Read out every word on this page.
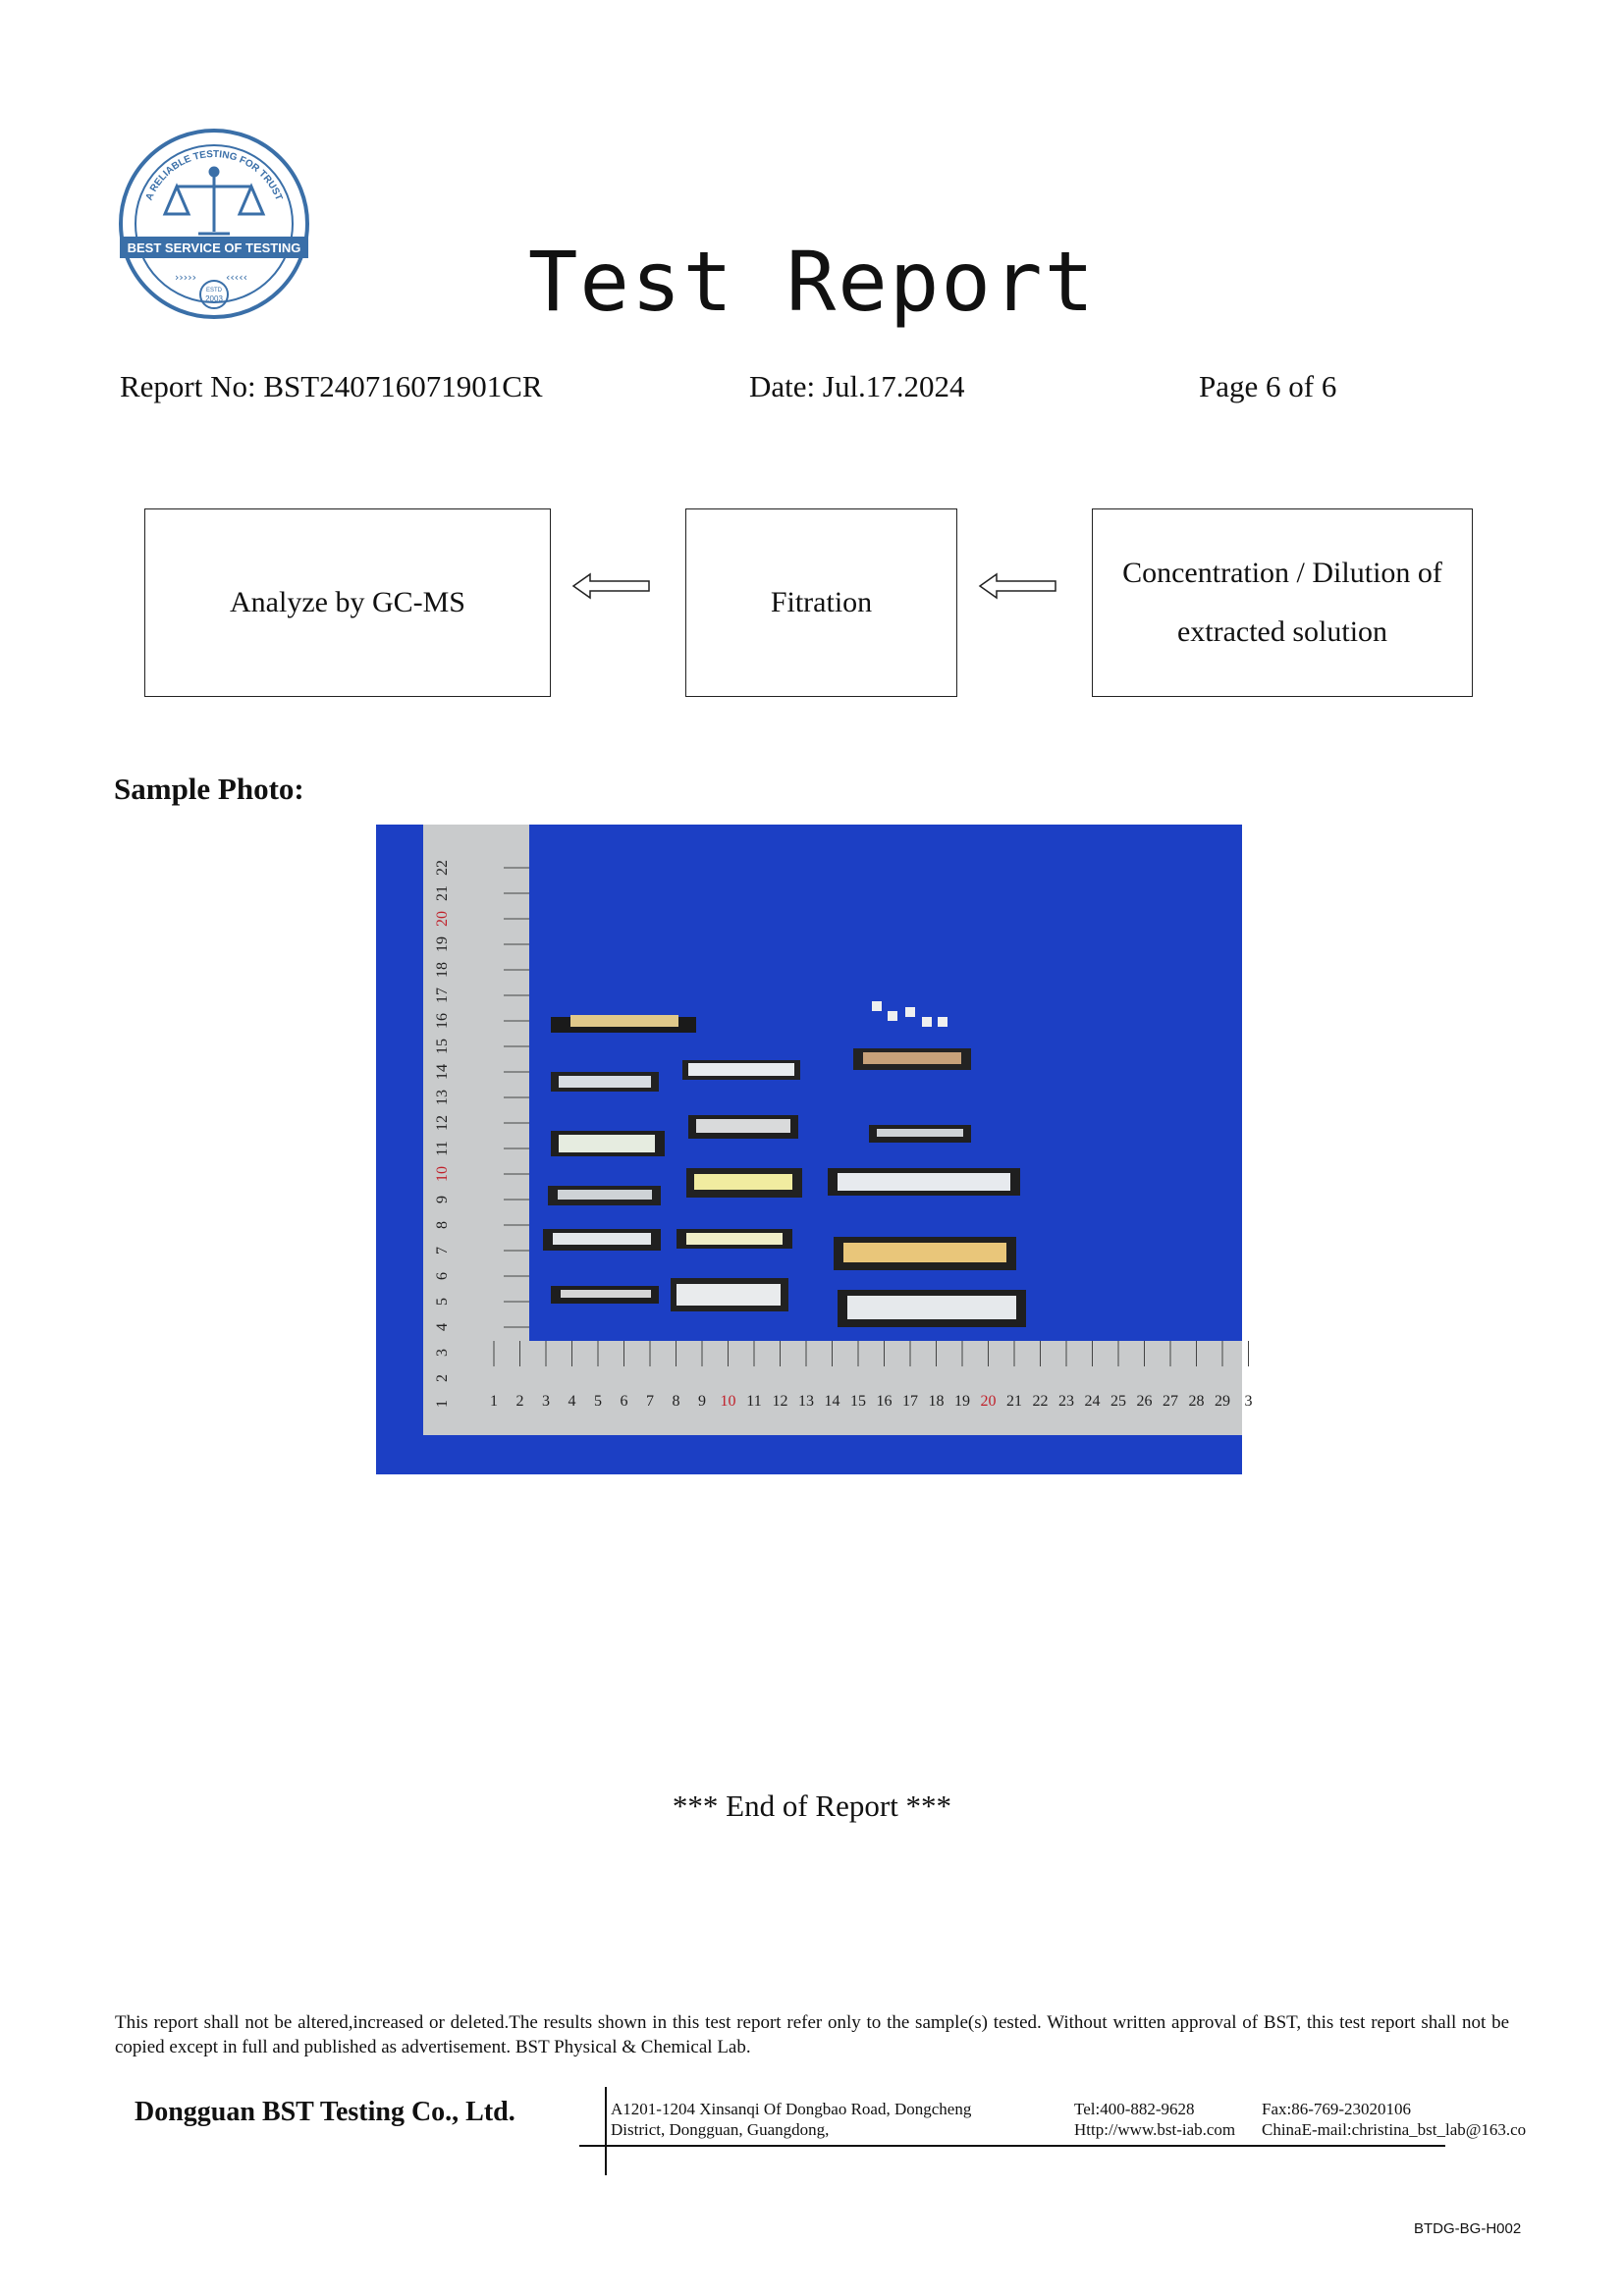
A RELIABLE TESTING FOR TRUST
BEST SERVICE OF TESTING
›››››	‹‹‹‹‹
ESTD
2003	Test Report
Report No: BST240716071901CR	Date: Jul.17.2024	Page 6 of 6
Analyze by GC-MS	Fitration
Concentration / Dilution of
extracted solution
Sample Photo:
1
2
3
4
5
6
7
8
9
10
11
12
13
14
15
16
17
18
19
20
21
22
1 2 3 4 5 6 7 8 9 10 11 12 13 14 15 16 17 18 19 20 21 22 23 24 25 26 27 28 29 3
*** End of Report ***
This report shall not be altered,increased or deleted.The results shown in this test report refer only to the sample(s) tested. Without written approval of BST, this test report shall not be copied except in full and published as advertisement. BST Physical & Chemical Lab.
Dongguan BST Testing Co., Ltd.	A1201-1204 Xinsanqi Of Dongbao Road, Dongcheng
District, Dongguan, Guangdong,
Tel:400-882-9628
Http://www.bst-iab.com
Fax:86-769-23020106
ChinaE-mail:christina_bst_lab@163.co
BTDG-BG-H002
